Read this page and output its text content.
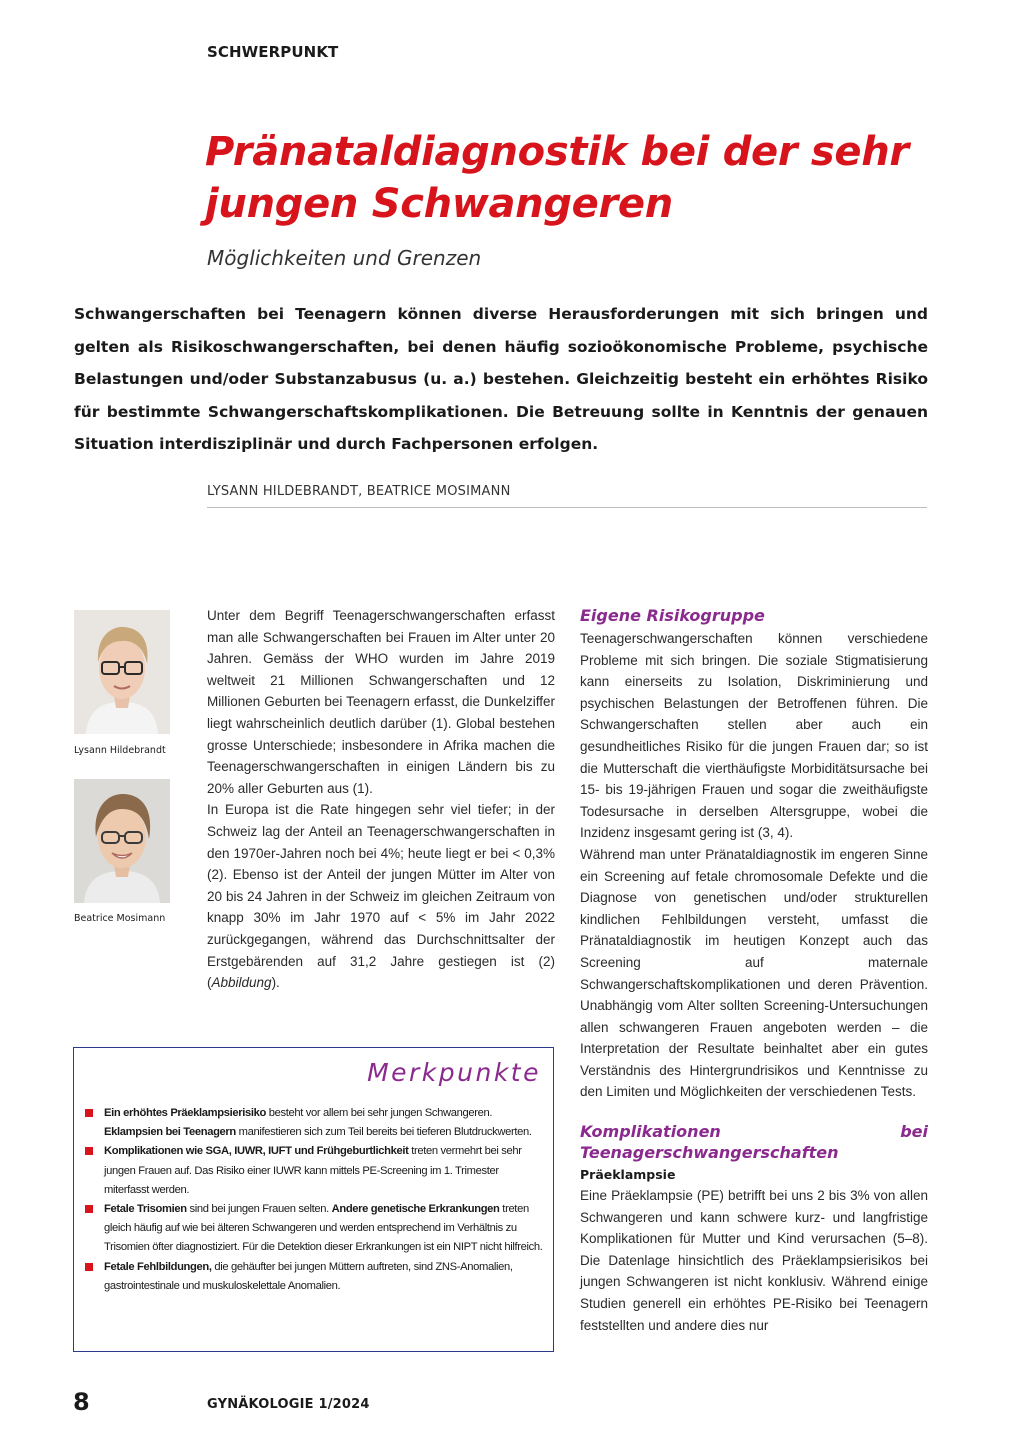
SCHWERPUNKT
Pränataldiagnostik bei der sehr jungen Schwangeren
Möglichkeiten und Grenzen

Schwangerschaften bei Teenagern können diverse Herausforderungen mit sich bringen und gelten als Risikoschwangerschaften, bei denen häufig sozioökonomische Probleme, psychische Belastungen und/oder Substanzabusus (u. a.) bestehen. Gleichzeitig besteht ein erhöhtes Risiko für bestimmte Schwangerschaftskomplikationen. Die Betreuung sollte in Kenntnis der genauen Situation interdisziplinär und durch Fachpersonen erfolgen.

LYSANN HILDEBRANDT, BEATRICE MOSIMANN
Lysann Hildebrandt
Beatrice Mosimann

Unter dem Begriff Teenagerschwangerschaften erfasst man alle Schwangerschaften bei Frauen im Alter unter 20 Jahren. Gemäss der WHO wurden im Jahre 2019 weltweit 21 Millionen Schwangerschaften und 12 Millionen Geburten bei Teenagern erfasst, die Dunkelziffer liegt wahrscheinlich deutlich darüber (1). Global bestehen grosse Unterschiede; insbesondere in Afrika machen die Teenagerschwangerschaften in einigen Ländern bis zu 20% aller Geburten aus (1).

In Europa ist die Rate hingegen sehr viel tiefer; in der Schweiz lag der Anteil an Teenagerschwangerschaften in den 1970er-Jahren noch bei 4%; heute liegt er bei < 0,3% (2). Ebenso ist der Anteil der jungen Mütter im Alter von 20 bis 24 Jahren in der Schweiz im gleichen Zeitraum von knapp 30% im Jahr 1970 auf < 5% im Jahr 2022 zurückgegangen, während das Durchschnittsalter der Erstgebärenden auf 31,2 Jahre gestiegen ist (2) (Abbildung).

Eigene Risikogruppe

Teenagerschwangerschaften können verschiedene Probleme mit sich bringen. Die soziale Stigmatisierung kann einerseits zu Isolation, Diskriminierung und psychischen Belastungen der Betroffenen führen. Die Schwangerschaften stellen aber auch ein gesundheitliches Risiko für die jungen Frauen dar; so ist die Mutterschaft die vierthäufigste Morbiditätsursache bei 15- bis 19-jährigen Frauen und sogar die zweithäufigste Todesursache in derselben Altersgruppe, wobei die Inzidenz insgesamt gering ist (3, 4).

Während man unter Pränataldiagnostik im engeren Sinne ein Screening auf fetale chromosomale Defekte und die Diagnose von genetischen und/oder strukturellen kindlichen Fehlbildungen versteht, umfasst die Pränataldiagnostik im heutigen Konzept auch das Screening auf maternale Schwangerschaftskomplikationen und deren Prävention. Unabhängig vom Alter sollten Screening-Untersuchungen allen schwangeren Frauen angeboten werden – die Interpretation der Resultate beinhaltet aber ein gutes Verständnis des Hintergrundrisikos und Kenntnisse zu den Limiten und Möglichkeiten der verschiedenen Tests.

Komplikationen bei Teenagerschwangerschaften
Präeklampsie

Eine Präeklampsie (PE) betrifft bei uns 2 bis 3% von allen Schwangeren und kann schwere kurz- und langfristige Komplikationen für Mutter und Kind verursachen (5–8). Die Datenlage hinsichtlich des Präeklampsierisikos bei jungen Schwangeren ist nicht konklusiv. Während einige Studien generell ein erhöhtes PE-Risiko bei Teenagern feststellten und andere dies nur

Merkpunkte
Ein erhöhtes Präeklampsierisiko besteht vor allem bei sehr jungen Schwangeren. Eklampsien bei Teenagern manifestieren sich zum Teil bereits bei tieferen Blutdruckwerten.
Komplikationen wie SGA, IUWR, IUFT und Frühgeburtlichkeit treten vermehrt bei sehr jungen Frauen auf. Das Risiko einer IUWR kann mittels PE-Screening im 1. Trimester miterfasst werden.
Fetale Trisomien sind bei jungen Frauen selten. Andere genetische Erkrankungen treten gleich häufig auf wie bei älteren Schwangeren und werden entsprechend im Verhältnis zu Trisomien öfter diagnostiziert. Für die Detektion dieser Erkrankungen ist ein NIPT nicht hilfreich.
Fetale Fehlbildungen, die gehäufter bei jungen Müttern auftreten, sind ZNS-Anomalien, gastrointestinale und muskuloskelettale Anomalien.
8	GYNÄKOLOGIE 1/2024
